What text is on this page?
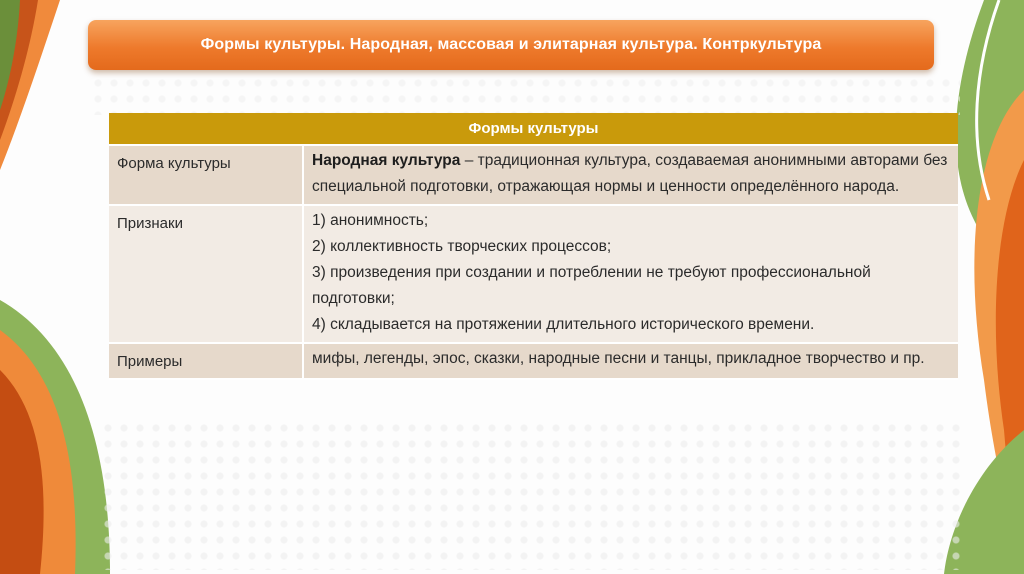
Формы культуры. Народная, массовая и элитарная культура. Контркультура
Формы культуры	
Форма культуры	Народная культура – традиционная культура, создаваемая анонимными авторами без специальной подготовки, отражающая нормы и ценности определённого народа.
Признаки	1) анонимность;
2) коллективность творческих процессов;
3) произведения при создании и потреблении не требуют профессиональной подготовки;
4) складывается на протяжении длительного исторического времени.

Примеры	мифы, легенды, эпос, сказки, народные песни и танцы, прикладное творчество и пр.
